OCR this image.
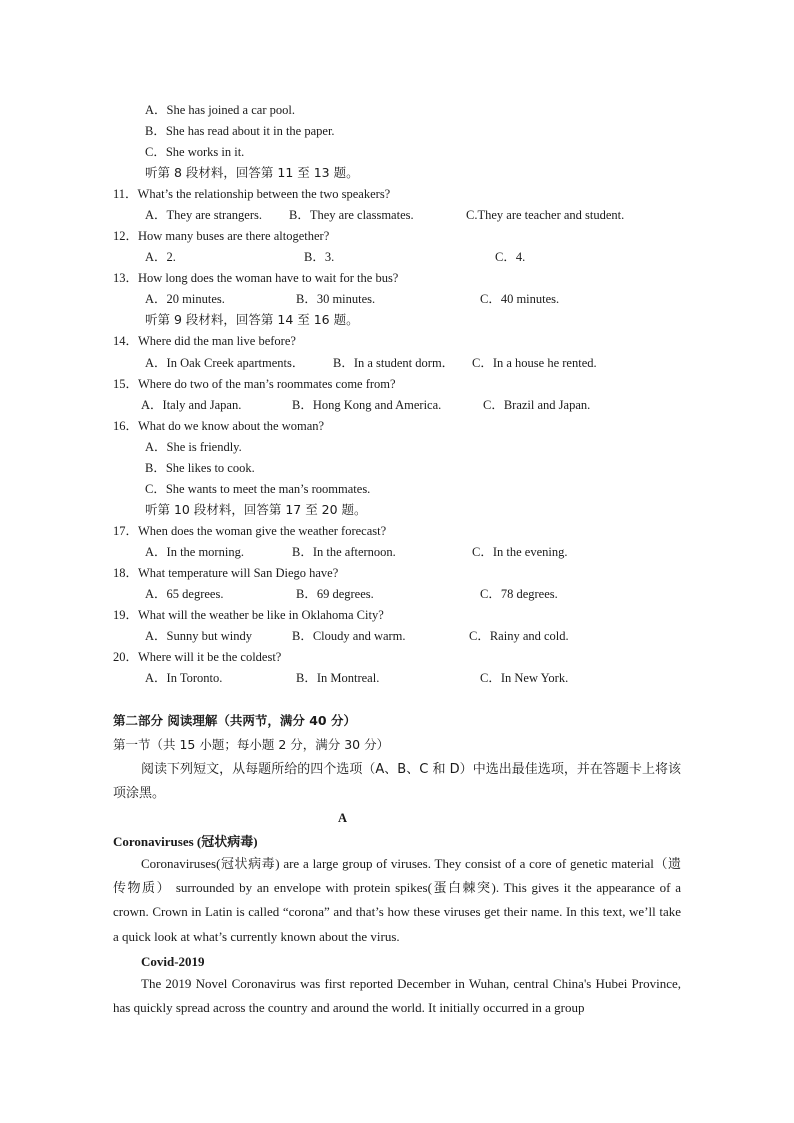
A．She has joined a car pool.
B．She has read about it in the paper.
C．She works in it.
听第 8 段材料，回答第 11 至 13 题。
11．What’s the relationship between the two speakers?
A．They are strangers. B．They are classmates.	C.They are teacher and student.
12．How many buses are there altogether?
A．2.	B．3.	C．4.
13．How long does the woman have to wait for the bus?
A．20 minutes.	B．30 minutes.	C．40 minutes.
听第 9 段材料，回答第 14 至 16 题。
14．Where did the man live before?
A．In Oak Creek apartments． B．In a student dorm． C．In a house he rented.
15．Where do two of the man’s roommates come from?
A．Italy and Japan.	B．Hong Kong and America.	C．Brazil and Japan.
16．What do we know about the woman?
A．She is friendly.
B．She likes to cook.
C．She wants to meet the man’s roommates.
听第 10 段材料，回答第 17 至 20 题。
17．When does the woman give the weather forecast?
A．In the morning.	B．In the afternoon.	C．In the evening.
18．What temperature will San Diego have?
A．65 degrees.	B．69 degrees.	C．78 degrees.
19．What will the weather be like in Oklahoma City?
A．Sunny but windy	B．Cloudy and warm.	C．Rainy and cold.
20．Where will it be the coldest?
A．In Toronto.	B．In Montreal.	C．In New York.
第二部分 阅读理解（共两节，满分 40 分）
第一节（共 15 小题；每小题 2 分，满分 30 分）

阅读下列短文，从每题所给的四个选项（A、B、C 和 D）中选出最佳选项，并在答题卡上将该项涂黑。

A
Coronaviruses (冠状病毒)

Coronaviruses(冠状病毒) are a large group of viruses. They consist of a core of genetic material（遗传物质） surrounded by an envelope with protein spikes(蛋白棘突). This gives it the appearance of a crown. Crown in Latin is called “corona” and that’s how these viruses get their name. In this text, we’ll take a quick look at what’s currently known about the virus.

Covid-2019

The 2019 Novel Coronavirus was first reported December in Wuhan, central China's Hubei Province, has quickly spread across the country and around the world. It initially occurred in a group
